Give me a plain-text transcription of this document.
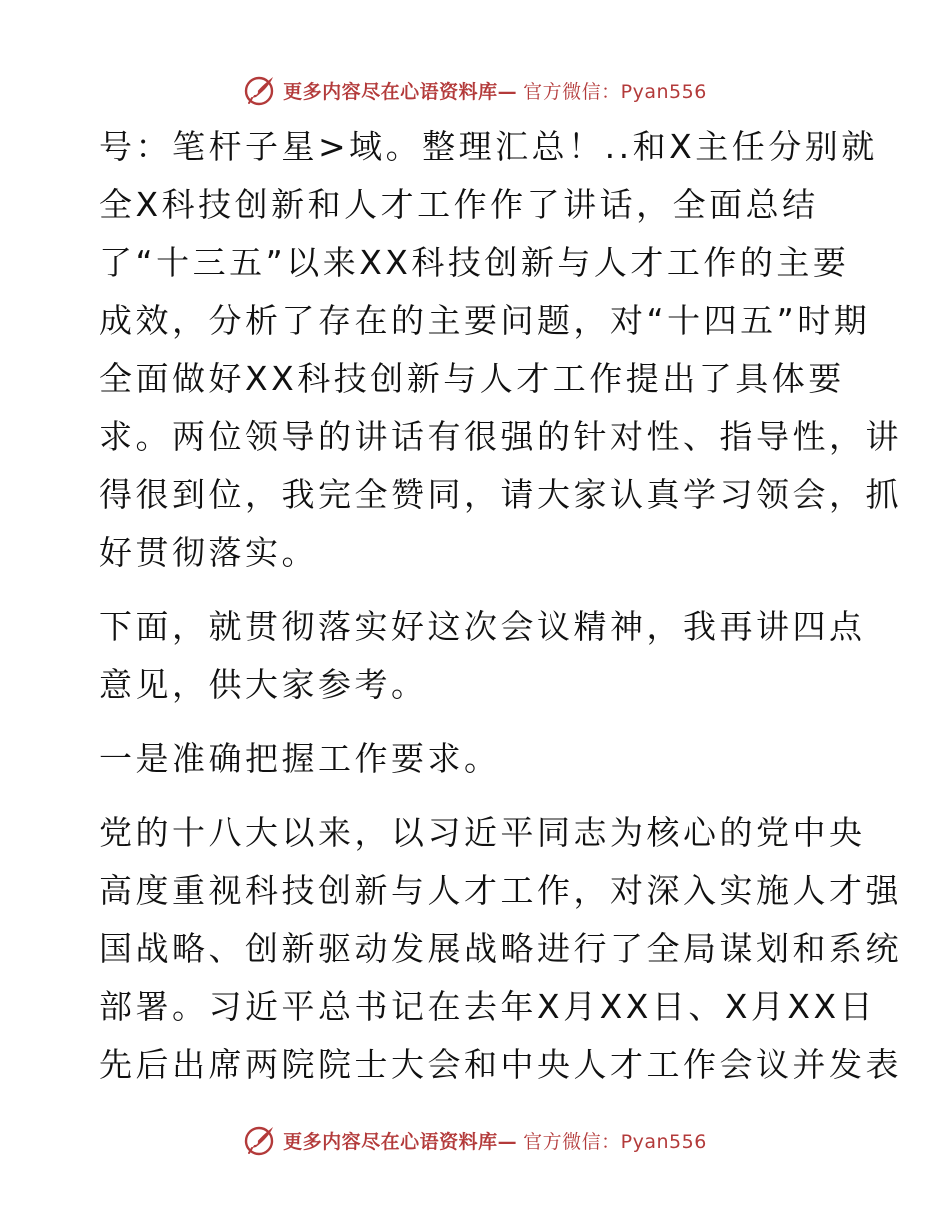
更多内容尽在心语资料库— 官方微信：Pyan556

号：笔杆子星>域。整理汇总！..和X主任分别就
全X科技创新和人才工作作了讲话，全面总结
了“十三五”以来XX科技创新与人才工作的主要
成效，分析了存在的主要问题，对“十四五”时期
全面做好XX科技创新与人才工作提出了具体要
求。两位领导的讲话有很强的针对性、指导性，讲
得很到位，我完全赞同，请大家认真学习领会，抓
好贯彻落实。

下面，就贯彻落实好这次会议精神，我再讲四点
意见，供大家参考。

一是准确把握工作要求。

党的十八大以来，以习近平同志为核心的党中央
高度重视科技创新与人才工作，对深入实施人才强
国战略、创新驱动发展战略进行了全局谋划和系统
部署。习近平总书记在去年X月XX日、X月XX日
先后出席两院院士大会和中央人才工作会议并发表

更多内容尽在心语资料库— 官方微信：Pyan556
